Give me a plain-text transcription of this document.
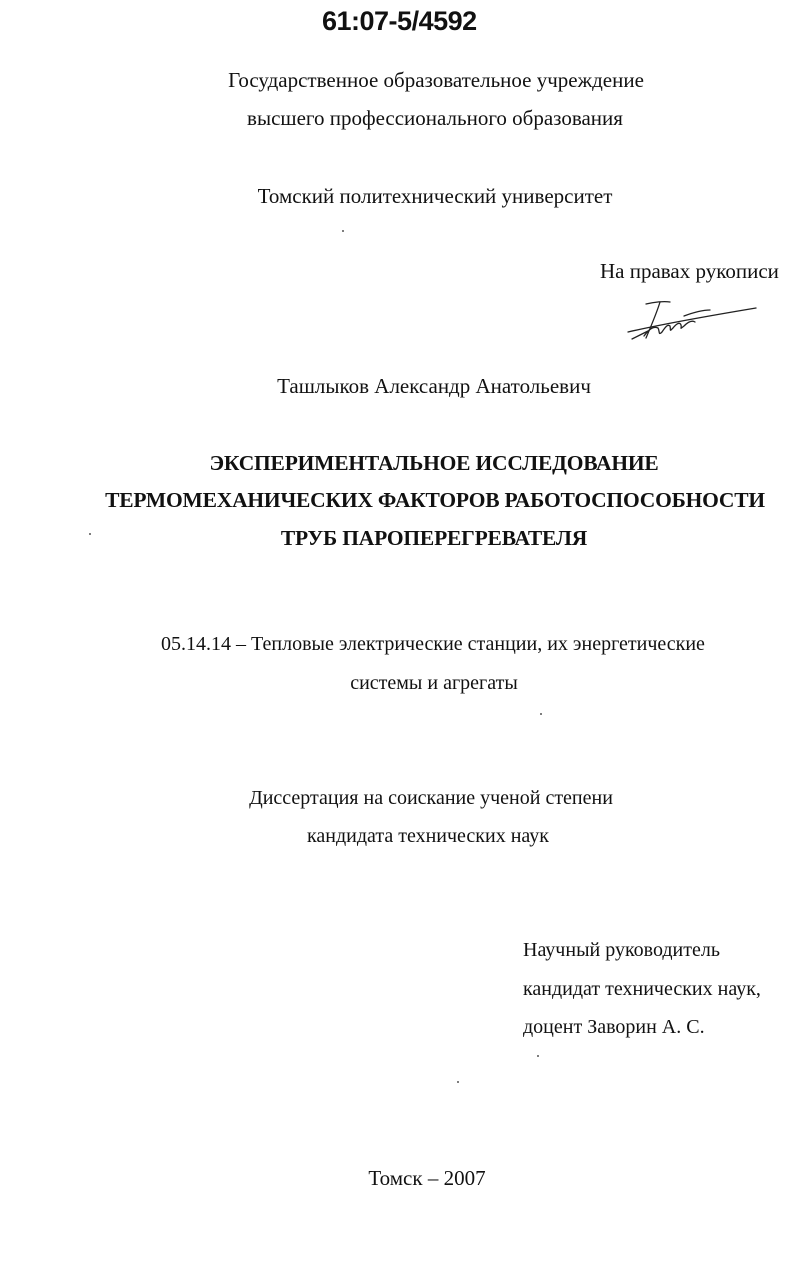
61:07-5/4592
Государственное образовательное учреждение
высшего профессионального образования
Томский политехнический университет
На правах рукописи
Ташлыков Александр Анатольевич
ЭКСПЕРИМЕНТАЛЬНОЕ ИССЛЕДОВАНИЕ
ТЕРМОМЕХАНИЧЕСКИХ ФАКТОРОВ РАБОТОСПОСОБНОСТИ
ТРУБ ПАРОПЕРЕГРЕВАТЕЛЯ
05.14.14 – Тепловые электрические станции, их энергетические
системы и агрегаты
Диссертация на соискание ученой степени
кандидата технических наук
Научный руководитель
кандидат технических наук,
доцент Заворин А. С.
Томск – 2007
